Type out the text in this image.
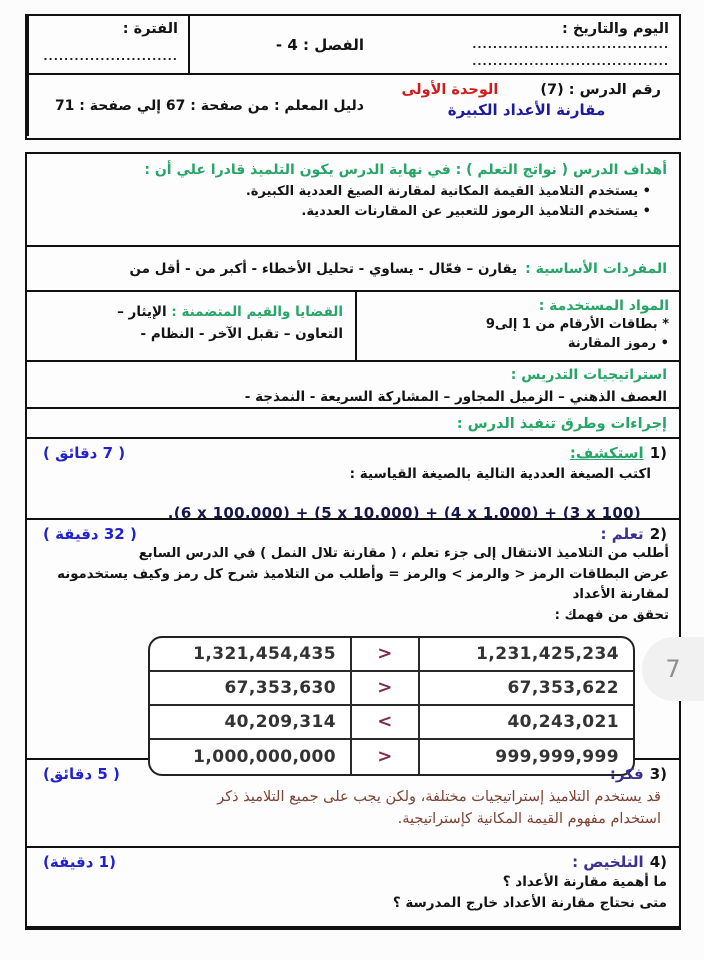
اليوم والتاريخ :
......................................
......................................
الفصل : 4 -
الفترة :
..........................
رقم الدرس : (7)
الوحدة الأولى
مقارنة الأعداد الكبيرة
دليل المعلم : من صفحة : 67 إلي صفحة : 71
أهداف الدرس ( نواتج التعلم ) : في نهاية الدرس يكون التلميذ قادرا علي أن :
• يستخدم التلاميذ القيمة المكانية لمقارنة الصيغ العددية الكبيرة.
• يستخدم التلاميذ الرموز للتعبير عن المقارنات العددية.
المفردات الأساسية :
يقارن – فعّال - يساوي - تحليل الأخطاء - أكبر من - أقل من
المواد المستخدمة :
* بطاقات الأرقام من 1 إلى9
• رموز المقارنة
القضايا والقيم المتضمنة : الإيثار – التعاون – تقبل الآخر - النظام -
استراتيجيات التدريس :
العصف الذهني – الزميل المجاور – المشاركة السريعة - النمذجة -
إجراءات وطرق تنفيذ الدرس :
1)
استكشف:
( 7 دقائق )
اكتب الصيغة العددية التالية بالصيغة القياسية :
.(6 x 100,000) + (5 x 10,000) + (4 x 1,000) + (3 x 100)
2)
تعلم :
( 32 دقيقة )
أطلب من التلاميذ الانتقال إلى جزء تعلم ، ( مقارنة تلال النمل ) في الدرس السابع
عرض البطاقات الرمز < والرمز > والرمز = وأطلب من التلاميذ شرح كل رمز وكيف يستخدمونه لمقارنة الأعداد
تحقق من فهمك :
1,321,454,435	>	1,231,425,234
67,353,630	>	67,353,622
40,209,314	<	40,243,021
1,000,000,000	>	999,999,999
3)
فكر:
( 5 دقائق)
قد يستخدم التلاميذ إستراتيجيات مختلفة، ولكن يجب على جميع التلاميذ ذكر استخدام مفهوم القيمة المكانية كإستراتيجية.
4)
التلخيص :
(1 دقيقة)
ما أهمية مقارنة الأعداد ؟
متى نحتاج مقارنة الأعداد خارج المدرسة ؟
7
